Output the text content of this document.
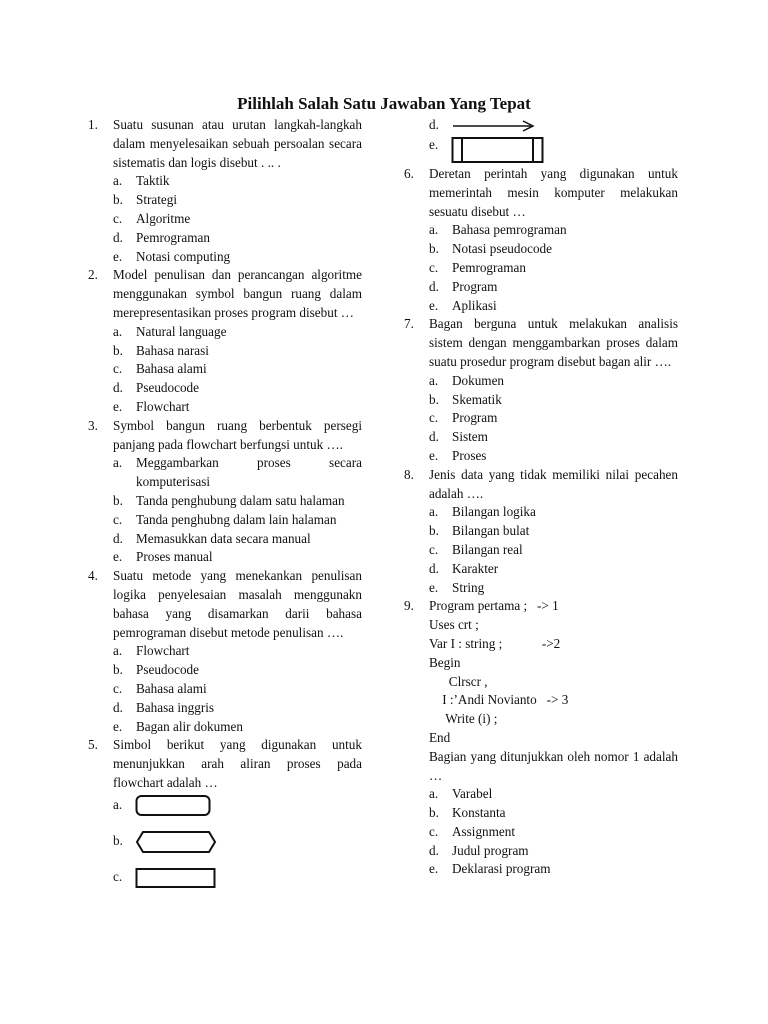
Pilihlah Salah Satu Jawaban Yang Tepat
1.	Suatu susunan atau urutan langkah-langkah dalam menyelesaikan sebuah persoalan secara sistematis dan logis disebut . .. .
a.	Taktik
b. Strategi
c.	Algoritme
d. Pemrograman
e.	Notasi computing
2.	Model penulisan dan perancangan algoritme menggunakan symbol bangun ruang dalam merepresentasikan proses program disebut …
a.	Natural language
b. Bahasa narasi
c.	Bahasa alami
d. Pseudocode
e.	Flowchart
3.	Symbol bangun ruang berbentuk persegi panjang pada flowchart berfungsi untuk ….
a.	Meggambarkan proses secara komputerisasi
b. Tanda penghubung dalam satu halaman
c.	Tanda penghubng dalam lain halaman
d. Memasukkan data secara manual
e.	Proses manual
4.	Suatu metode yang menekankan penulisan logika penyelesaian masalah menggunakn bahasa yang disamarkan darii bahasa pemrograman disebut metode penulisan ….
a.	Flowchart
b. Pseudocode
c.	Bahasa alami
d. Bahasa inggris
e.	Bagan alir dokumen
5.	Simbol berikut yang digunakan untuk menunjukkan arah aliran proses pada flowchart adalah …
a.
b.
c.
d.
e.
6.	Deretan perintah yang digunakan untuk memerintah mesin komputer melakukan sesuatu disebut …
a.	Bahasa pemrograman
b. Notasi pseudocode
c.	Pemrograman
d. Program
e.	Aplikasi
7.	Bagan berguna untuk melakukan analisis sistem dengan menggambarkan proses dalam suatu prosedur program disebut bagan alir ….
a.	Dokumen
b. Skematik
c.	Program
d. Sistem
e.	Proses
8.	Jenis data yang tidak memiliki nilai pecahen adalah ….
a.	Bilangan logika
b. Bilangan bulat
c.	Bilangan real
d. Karakter
e.	String
9.	Program pertama ;   -> 1
Uses crt ;
Var I : string ;            ->2
Begin
Clrscr ,
I :’Andi Novianto   -> 3
Write (i) ;
End
Bagian yang ditunjukkan oleh nomor 1 adalah …
a.	Varabel
b. Konstanta
c.	Assignment
d. Judul program
e.	Deklarasi program
